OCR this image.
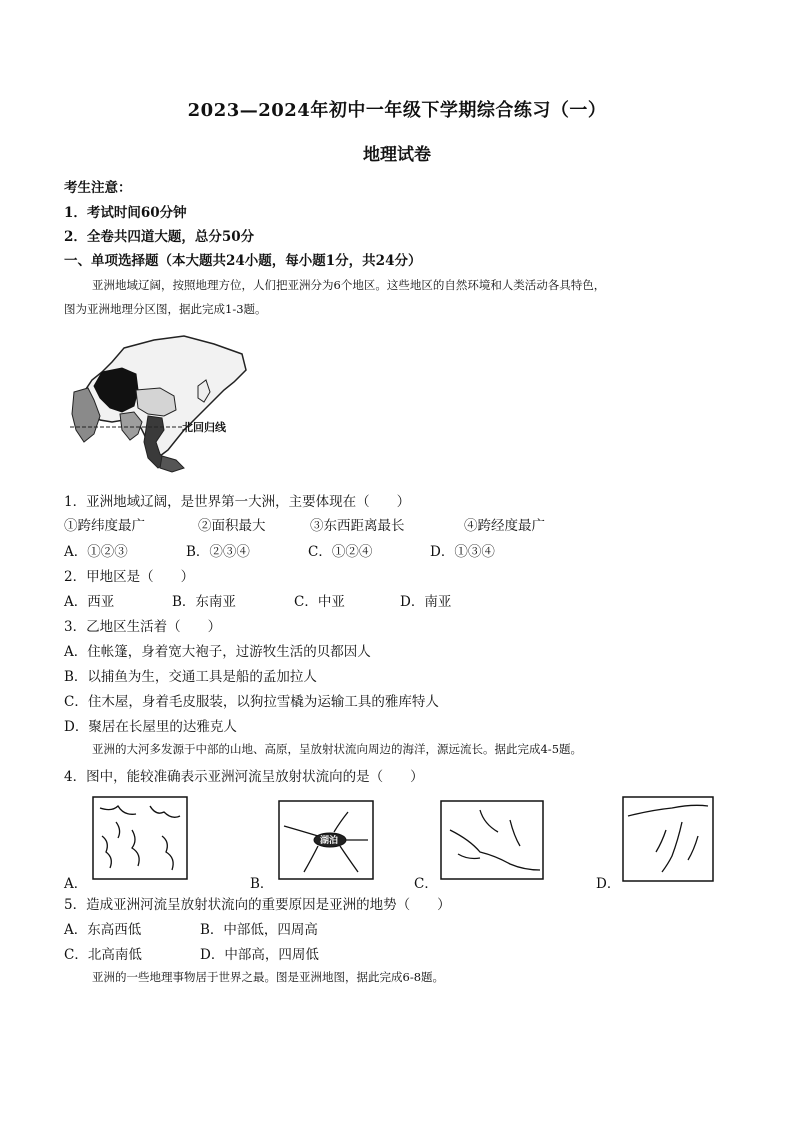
2023—2024年初中一年级下学期综合练习（一）
地理试卷
考生注意：
1．考试时间60分钟
2．全卷共四道大题，总分50分
一、单项选择题（本大题共24小题，每小题1分，共24分）
亚洲地域辽阔，按照地理方位，人们把亚洲分为6个地区。这些地区的自然环境和人类活动各具特色，
图为亚洲地理分区图，据此完成1-3题。
北回归线
1．亚洲地域辽阔，是世界第一大洲，主要体现在（　　）
①跨纬度最广	②面积最大	③东西距离最长	④跨经度最广
A．①②③	B．②③④	C．①②④	D．①③④
2．甲地区是（　　）
A．西亚	B．东南亚	C．中亚	D．南亚
3．乙地区生活着（　　）
A．住帐篷，身着宽大袍子，过游牧生活的贝都因人
B．以捕鱼为生，交通工具是船的孟加拉人
C．住木屋，身着毛皮服装，以狗拉雪橇为运输工具的雅库特人
D．聚居在长屋里的达雅克人
亚洲的大河多发源于中部的山地、高原，呈放射状流向周边的海洋，源远流长。据此完成4-5题。
4．图中，能较准确表示亚洲河流呈放射状流向的是（　　）
A．	B．
湖泊
C．	D．
5．造成亚洲河流呈放射状流向的重要原因是亚洲的地势（　　）
A．东高西低	B．中部低，四周高
C．北高南低	D．中部高，四周低
亚洲的一些地理事物居于世界之最。图是亚洲地图，据此完成6-8题。
